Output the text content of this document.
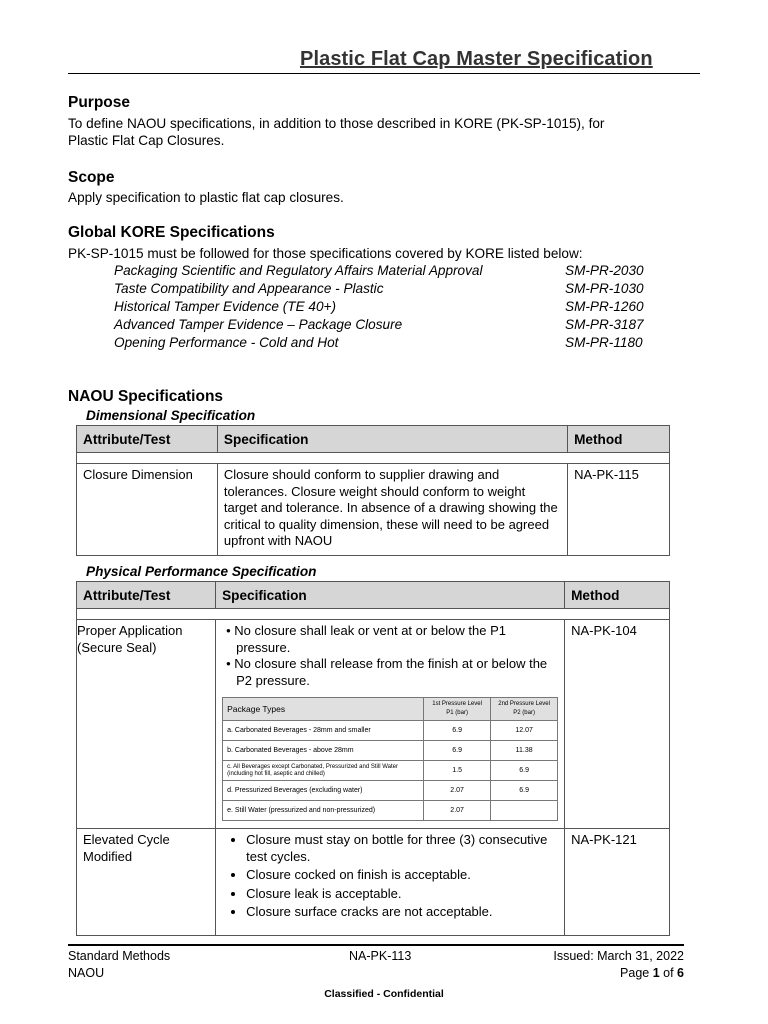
Plastic Flat Cap Master Specification
Purpose
To define NAOU specifications, in addition to those described in KORE (PK-SP-1015), for
Plastic Flat Cap Closures.
Scope
Apply specification to plastic flat cap closures.
Global KORE Specifications
PK-SP-1015 must be followed for those specifications covered by KORE listed below:
Packaging Scientific and Regulatory Affairs Material Approval	SM-PR-2030
Taste Compatibility and Appearance - Plastic	SM-PR-1030
Historical Tamper Evidence (TE 40+)	SM-PR-1260
Advanced Tamper Evidence – Package Closure	SM-PR-3187
Opening Performance - Cold and Hot	SM-PR-1180
NAOU Specifications
Dimensional Specification
Attribute/Test	Specification	Method

Closure Dimension	Closure should conform to supplier drawing and tolerances. Closure weight should conform to weight target and tolerance. In absence of a drawing showing the critical to quality dimension, these will need to be agreed upfront with NAOU	NA-PK-115
Physical Performance Specification
Attribute/Test	Specification	Method

Proper Application (Secure Seal)	
• No closure shall leak or vent at or below the P1 pressure.
• No closure shall release from the finish at or below the P2 pressure.
Package Types	1st Pressure Level P1 (bar)	2nd Pressure Level P2 (bar)
a. Carbonated Beverages - 28mm and smaller	6.9	12.07
b. Carbonated Beverages - above 28mm	6.9	11.38
c. All Beverages except Carbonated, Pressurized and Still Water (including hot fill, aseptic and chilled)	1.5	6.9
d. Pressurized Beverages (excluding water)	2.07	6.9
e. Still Water (pressurized and non-pressurized)	2.07	
	NA-PK-104
Elevated Cycle Modified	
• Closure must stay on bottle for three (3) consecutive test cycles.
• Closure cocked on finish is acceptable.
• Closure leak is acceptable.
• Closure surface cracks are not acceptable.
	NA-PK-121
Standard Methods
NAOU
NA-PK-113	Issued: March 31, 2022
Page 1 of 6
Classified - Confidential
